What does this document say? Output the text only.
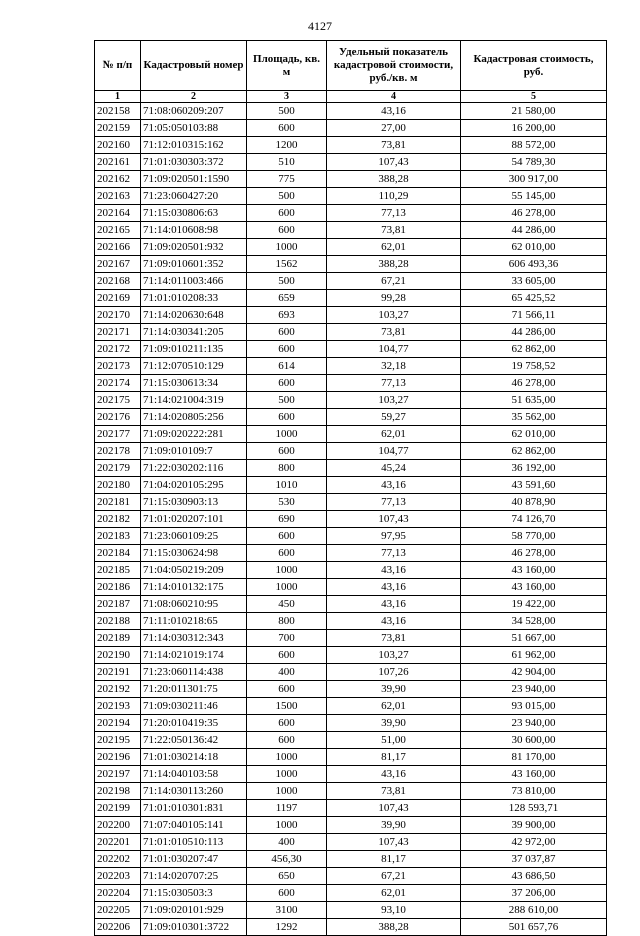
4127
№ п/п	Кадастровый номер	Площадь, кв. м	Удельный показатель кадастровой стоимости, руб./кв. м	Кадастровая стоимость, руб.
1	2	3	4	5
202158	71:08:060209:207	500	43,16	21 580,00
202159	71:05:050103:88	600	27,00	16 200,00
202160	71:12:010315:162	1200	73,81	88 572,00
202161	71:01:030303:372	510	107,43	54 789,30
202162	71:09:020501:1590	775	388,28	300 917,00
202163	71:23:060427:20	500	110,29	55 145,00
202164	71:15:030806:63	600	77,13	46 278,00
202165	71:14:010608:98	600	73,81	44 286,00
202166	71:09:020501:932	1000	62,01	62 010,00
202167	71:09:010601:352	1562	388,28	606 493,36
202168	71:14:011003:466	500	67,21	33 605,00
202169	71:01:010208:33	659	99,28	65 425,52
202170	71:14:020630:648	693	103,27	71 566,11
202171	71:14:030341:205	600	73,81	44 286,00
202172	71:09:010211:135	600	104,77	62 862,00
202173	71:12:070510:129	614	32,18	19 758,52
202174	71:15:030613:34	600	77,13	46 278,00
202175	71:14:021004:319	500	103,27	51 635,00
202176	71:14:020805:256	600	59,27	35 562,00
202177	71:09:020222:281	1000	62,01	62 010,00
202178	71:09:010109:7	600	104,77	62 862,00
202179	71:22:030202:116	800	45,24	36 192,00
202180	71:04:020105:295	1010	43,16	43 591,60
202181	71:15:030903:13	530	77,13	40 878,90
202182	71:01:020207:101	690	107,43	74 126,70
202183	71:23:060109:25	600	97,95	58 770,00
202184	71:15:030624:98	600	77,13	46 278,00
202185	71:04:050219:209	1000	43,16	43 160,00
202186	71:14:010132:175	1000	43,16	43 160,00
202187	71:08:060210:95	450	43,16	19 422,00
202188	71:11:010218:65	800	43,16	34 528,00
202189	71:14:030312:343	700	73,81	51 667,00
202190	71:14:021019:174	600	103,27	61 962,00
202191	71:23:060114:438	400	107,26	42 904,00
202192	71:20:011301:75	600	39,90	23 940,00
202193	71:09:030211:46	1500	62,01	93 015,00
202194	71:20:010419:35	600	39,90	23 940,00
202195	71:22:050136:42	600	51,00	30 600,00
202196	71:01:030214:18	1000	81,17	81 170,00
202197	71:14:040103:58	1000	43,16	43 160,00
202198	71:14:030113:260	1000	73,81	73 810,00
202199	71:01:010301:831	1197	107,43	128 593,71
202200	71:07:040105:141	1000	39,90	39 900,00
202201	71:01:010510:113	400	107,43	42 972,00
202202	71:01:030207:47	456,30	81,17	37 037,87
202203	71:14:020707:25	650	67,21	43 686,50
202204	71:15:030503:3	600	62,01	37 206,00
202205	71:09:020101:929	3100	93,10	288 610,00
202206	71:09:010301:3722	1292	388,28	501 657,76
